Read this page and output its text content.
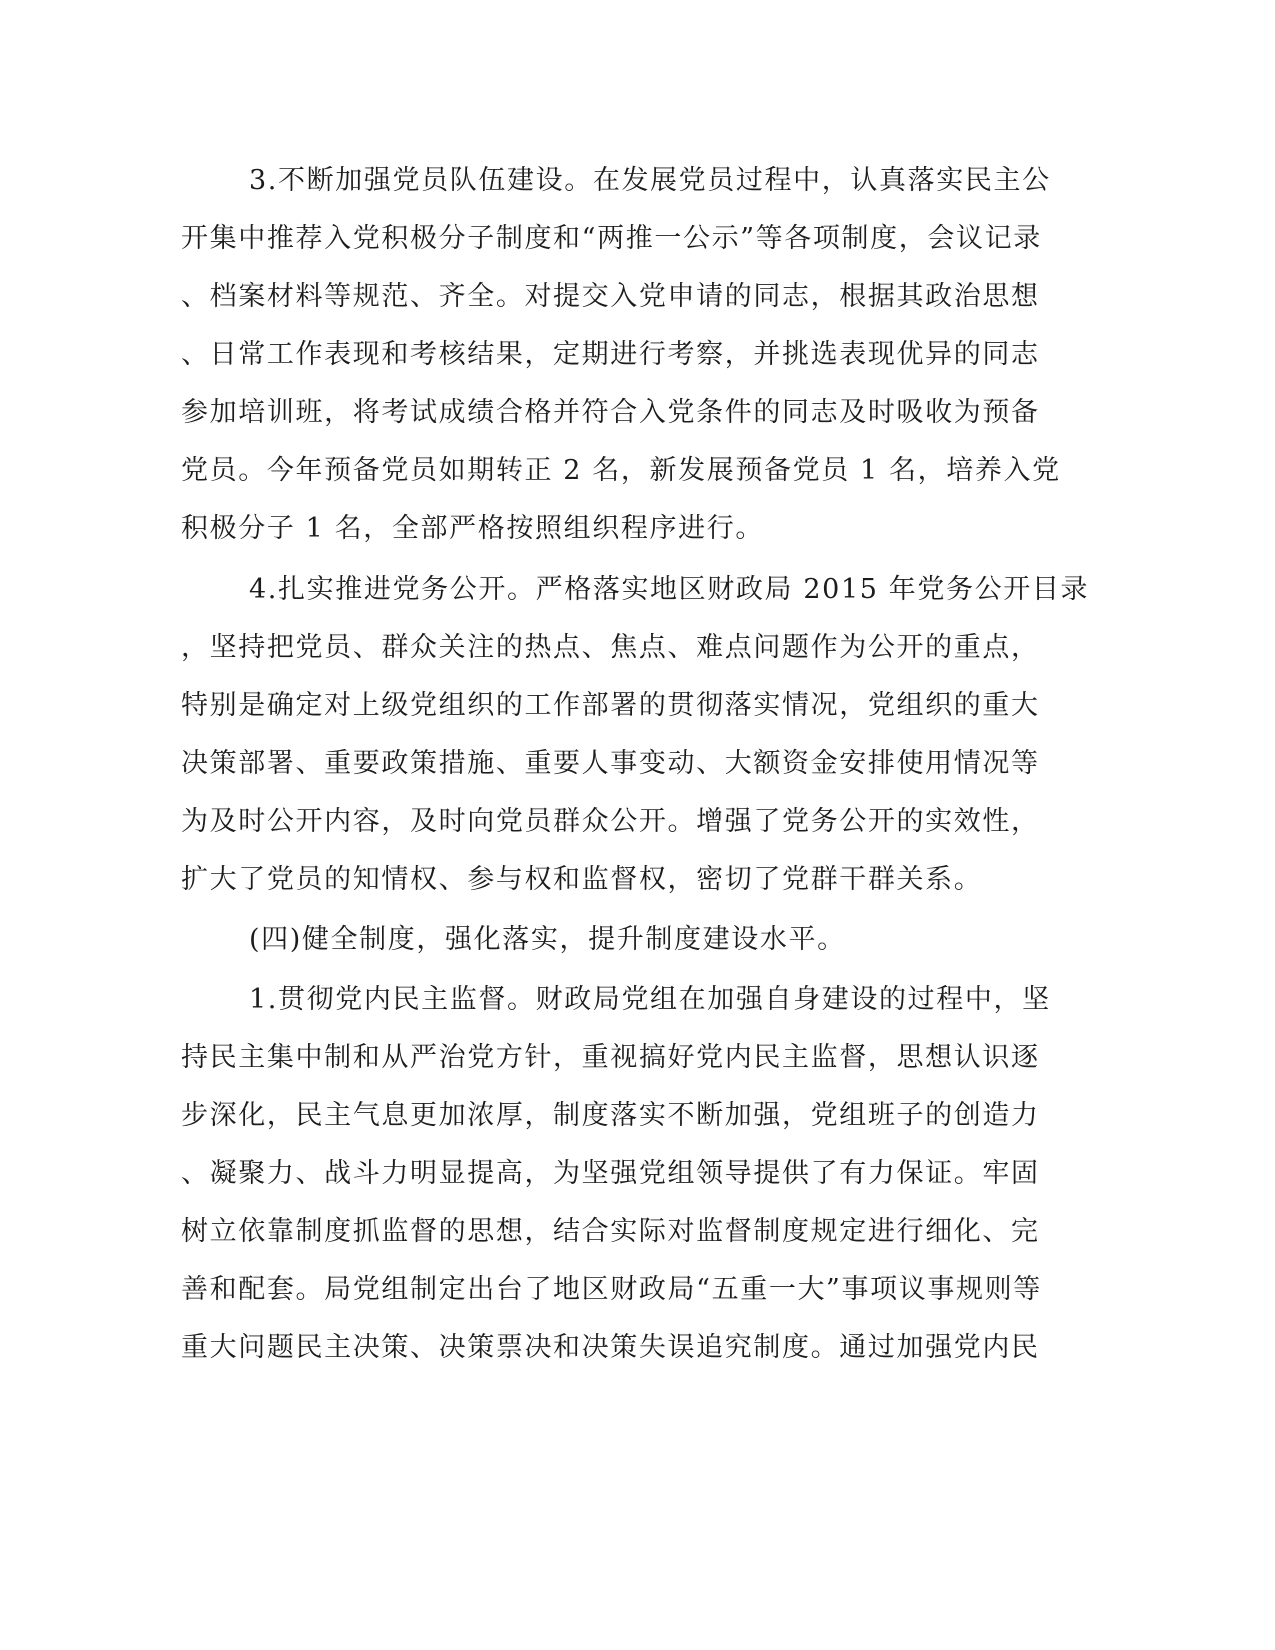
3.不断加强党员队伍建设。在发展党员过程中，认真落实民主公
开集中推荐入党积极分子制度和“两推一公示”等各项制度，会议记录
、档案材料等规范、齐全。对提交入党申请的同志，根据其政治思想
、日常工作表现和考核结果，定期进行考察，并挑选表现优异的同志
参加培训班，将考试成绩合格并符合入党条件的同志及时吸收为预备
党员。今年预备党员如期转正 2 名，新发展预备党员 1 名，培养入党
积极分子 1 名，全部严格按照组织程序进行。
4.扎实推进党务公开。严格落实地区财政局 2015 年党务公开目录
，坚持把党员、群众关注的热点、焦点、难点问题作为公开的重点，
特别是确定对上级党组织的工作部署的贯彻落实情况，党组织的重大
决策部署、重要政策措施、重要人事变动、大额资金安排使用情况等
为及时公开内容，及时向党员群众公开。增强了党务公开的实效性，
扩大了党员的知情权、参与权和监督权，密切了党群干群关系。
(四)健全制度，强化落实，提升制度建设水平。
1.贯彻党内民主监督。财政局党组在加强自身建设的过程中，坚
持民主集中制和从严治党方针，重视搞好党内民主监督，思想认识逐
步深化，民主气息更加浓厚，制度落实不断加强，党组班子的创造力
、凝聚力、战斗力明显提高，为坚强党组领导提供了有力保证。牢固
树立依靠制度抓监督的思想，结合实际对监督制度规定进行细化、完
善和配套。局党组制定出台了地区财政局“五重一大”事项议事规则等
重大问题民主决策、决策票决和决策失误追究制度。通过加强党内民
